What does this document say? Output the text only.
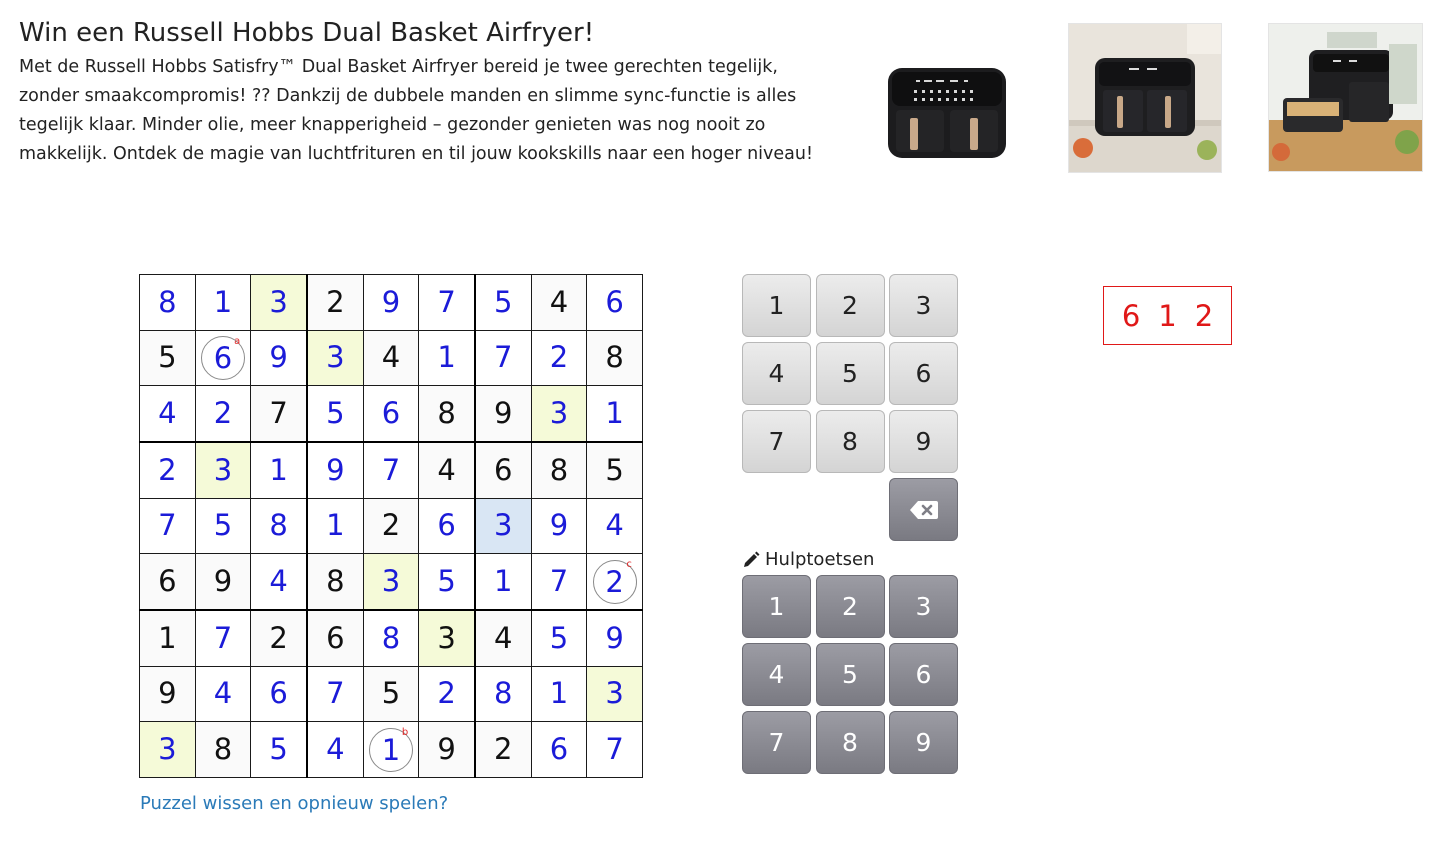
Win een Russell Hobbs Dual Basket Airfryer!

Met de Russell Hobbs Satisfry™ Dual Basket Airfryer bereid je twee gerechten tegelijk, zonder smaakcompromis! ?? Dankzij de dubbele manden en slimme sync-functie is alles tegelijk klaar. Minder olie, meer knapperigheid – gezonder genieten was nog nooit zo makkelijk. Ontdek de magie van luchtfrituren en til jouw kookskills naar een hoger niveau!

8	1	3	2	9	7	5	4	6
5	6 a	9	3	4	1	7	2	8
4	2	7	5	6	8	9	3	1
2	3	1	9	7	4	6	8	5
7	5	8	1	2	6	3	9	4
6	9	4	8	3	5	1	7	2 c

1	7	2	6	8	3	4	5	9
9	4	6	7	5	2	8	1	3
3	8	5	4	1 b	9	2	6	7
1	2	3
4	5	6
7	8	9
Hulptoetsen
1	2	3
4	5	6
7	8	9
6 1 2
Puzzel wissen en opnieuw spelen?
